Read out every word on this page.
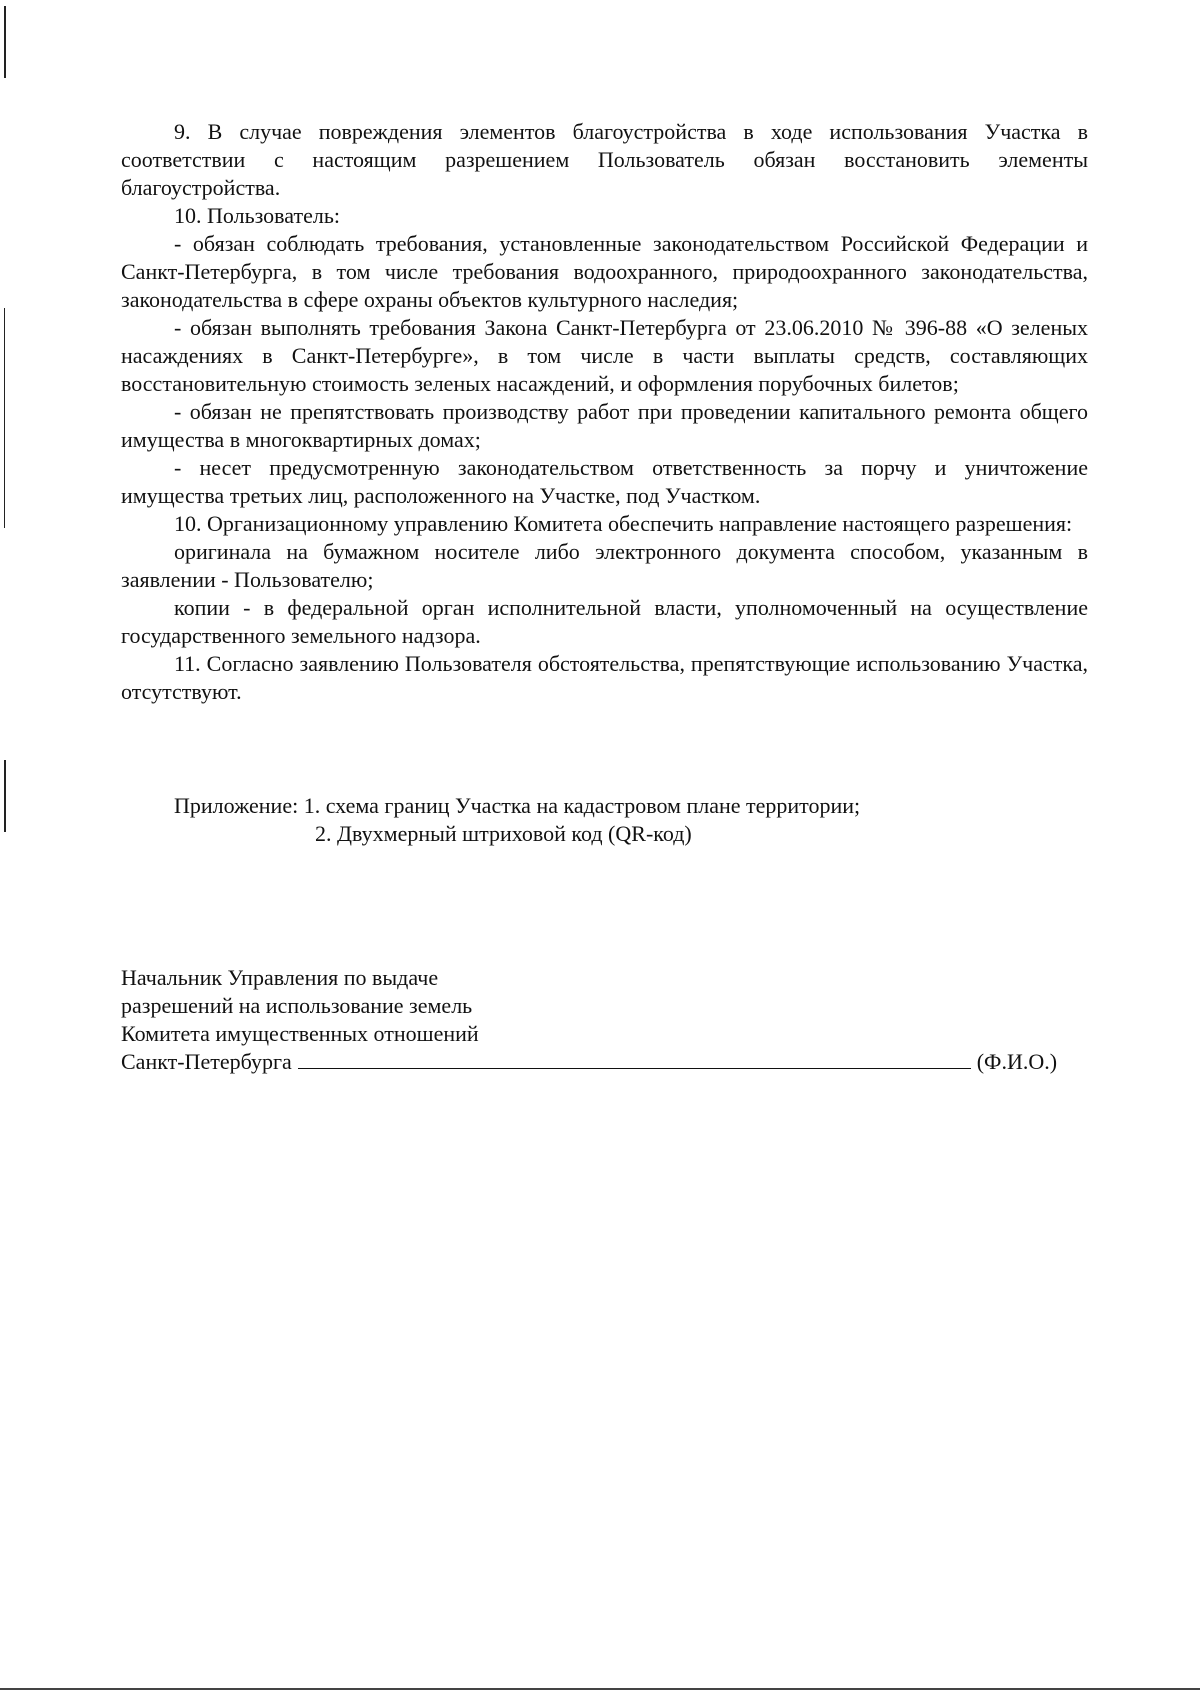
9. В случае повреждения элементов благоустройства в ходе использования Участка в соответствии с настоящим разрешением Пользователь обязан восстановить элементы благоустройства.

10. Пользователь:

- обязан соблюдать требования, установленные законодательством Российской Федерации и Санкт-Петербурга, в том числе требования водоохранного, природоохранного законодательства, законодательства в сфере охраны объектов культурного наследия;

- обязан выполнять требования Закона Санкт-Петербурга от 23.06.2010 № 396-88 «О зеленых насаждениях в Санкт-Петербурге», в том числе в части выплаты средств, составляющих восстановительную стоимость зеленых насаждений, и оформления порубочных билетов;

- обязан не препятствовать производству работ при проведении капитального ремонта общего имущества в многоквартирных домах;

- несет предусмотренную законодательством ответственность за порчу и уничтожение имущества третьих лиц, расположенного на Участке, под Участком.

10. Организационному управлению Комитета обеспечить направление настоящего разрешения:

оригинала на бумажном носителе либо электронного документа способом, указанным в заявлении - Пользователю;

копии - в федеральной орган исполнительной власти, уполномоченный на осуществление государственного земельного надзора.

11. Согласно заявлению Пользователя обстоятельства, препятствующие использованию Участка, отсутствуют.

Приложение: 1. схема границ Участка на кадастровом плане территории;
2. Двухмерный штриховой код (QR-код)
Начальник Управления по выдаче
разрешений на использование земель
Комитета имущественных отношений
Санкт-Петербурга	(Ф.И.О.)
